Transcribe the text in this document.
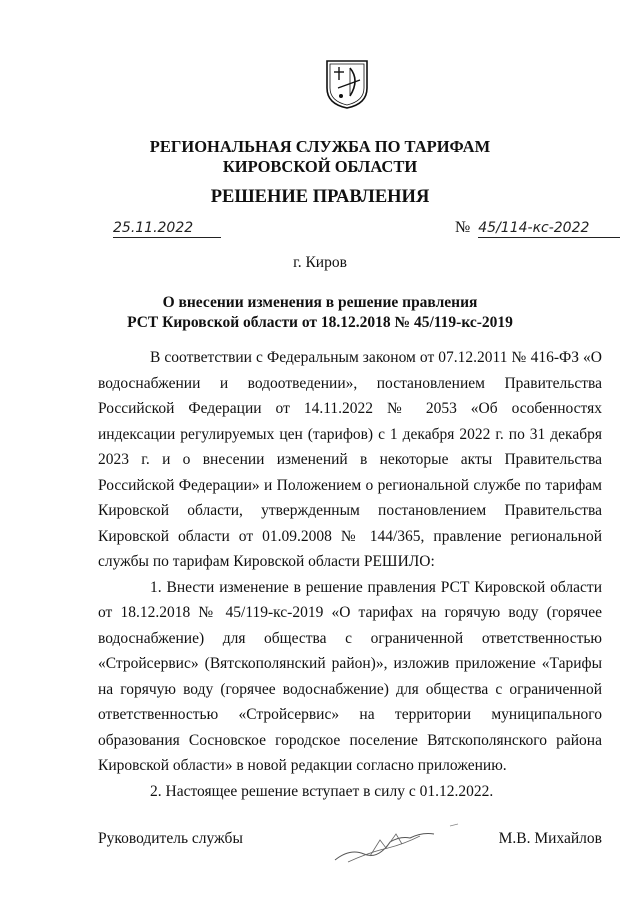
РЕГИОНАЛЬНАЯ СЛУЖБА ПО ТАРИФАМ
КИРОВСКОЙ ОБЛАСТИ
РЕШЕНИЕ ПРАВЛЕНИЯ
25.11.2022	№ 45/114-кс-2022
г. Киров
О внесении изменения в решение правления
РСТ Кировской области от 18.12.2018 № 45/119-кс-2019

В соответствии с Федеральным законом от 07.12.2011 № 416-ФЗ «О водоснабжении и водоотведении», постановлением Правительства Российской Федерации от 14.11.2022 № 2053 «Об особенностях индексации регулируемых цен (тарифов) с 1 декабря 2022 г. по 31 декабря 2023 г. и о внесении изменений в некоторые акты Правительства Российской Федерации» и Положением о региональной службе по тарифам Кировской области, утвержденным постановлением Правительства Кировской области от 01.09.2008 № 144/365, правление региональной службы по тарифам Кировской области РЕШИЛО:

1. Внести изменение в решение правления РСТ Кировской области от 18.12.2018 № 45/119-кс-2019 «О тарифах на горячую воду (горячее водоснабжение) для общества с ограниченной ответственностью «Стройсервис» (Вятскополянский район)», изложив приложение «Тарифы на горячую воду (горячее водоснабжение) для общества с ограниченной ответственностью «Стройсервис» на территории муниципального образования Сосновское городское поселение Вятскополянского района Кировской области» в новой редакции согласно приложению.

2. Настоящее решение вступает в силу с 01.12.2022.

Руководитель службы	М.В. Михайлов
